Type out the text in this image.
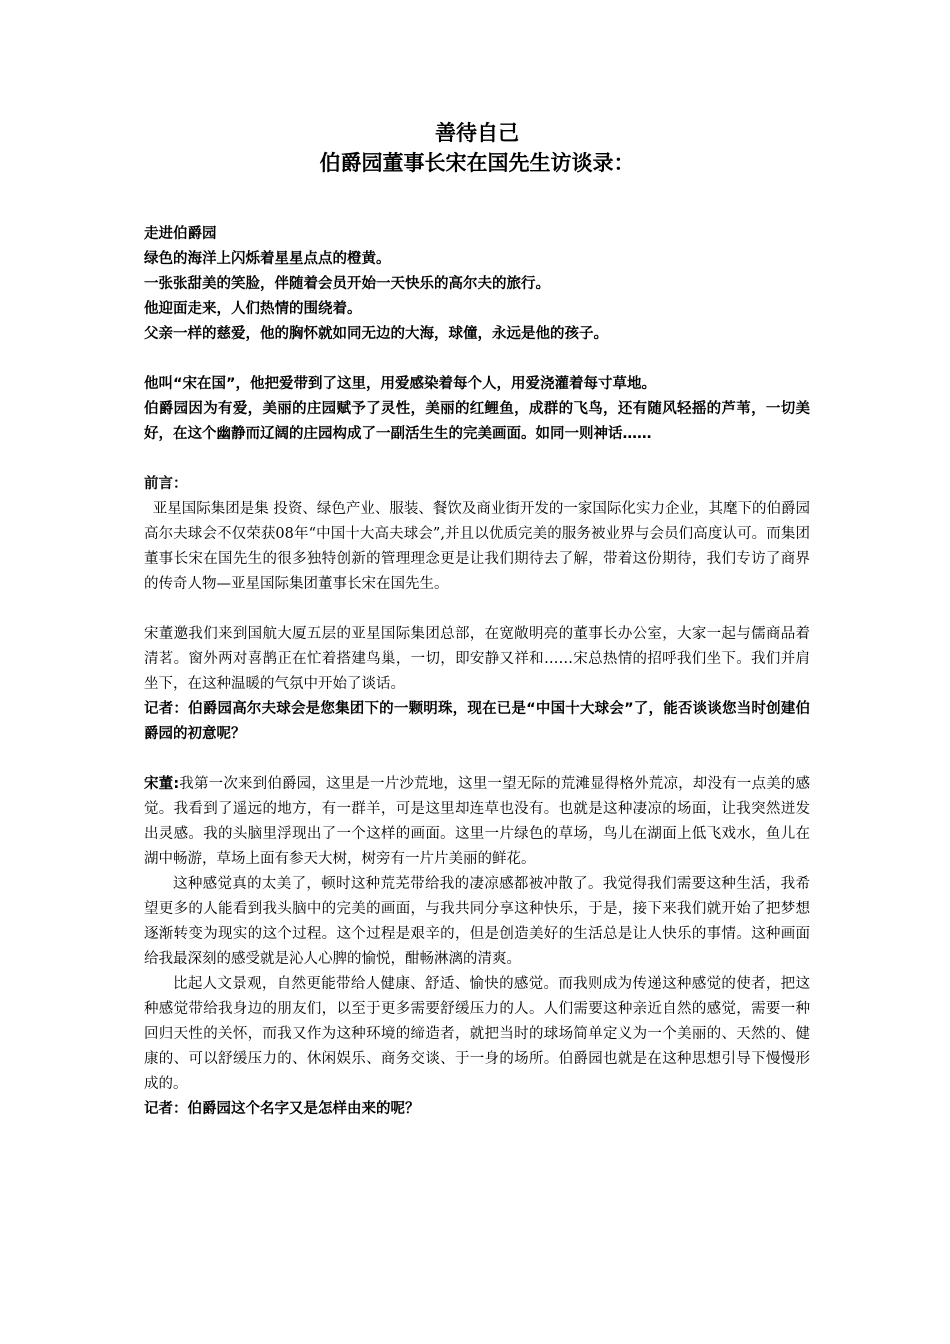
善待自己
伯爵园董事长宋在国先生访谈录：

走进伯爵园

绿色的海洋上闪烁着星星点点的橙黄。

一张张甜美的笑脸，伴随着会员开始一天快乐的高尔夫的旅行。

他迎面走来，人们热情的围绕着。

父亲一样的慈爱，他的胸怀就如同无边的大海，球僮，永远是他的孩子。

他叫“宋在国”，他把爱带到了这里，用爱感染着每个人，用爱浇灌着每寸草地。

伯爵园因为有爱，美丽的庄园赋予了灵性，美丽的红鲤鱼，成群的飞鸟，还有随风轻摇的芦苇，一切美好，在这个幽静而辽阔的庄园构成了一副活生生的完美画面。如同一则神话……

前言：

亚星国际集团是集 投资、绿色产业、服装、餐饮及商业街开发的一家国际化实力企业，其麾下的伯爵园高尔夫球会不仅荣获08年“中国十大高夫球会”,并且以优质完美的服务被业界与会员们高度认可。而集团董事长宋在国先生的很多独特创新的管理理念更是让我们期待去了解，带着这份期待，我们专访了商界的传奇人物—亚星国际集团董事长宋在国先生。

宋董邀我们来到国航大厦五层的亚星国际集团总部，在宽敞明亮的董事长办公室，大家一起与儒商品着清茗。窗外两对喜鹊正在忙着搭建鸟巢，一切，即安静又祥和……宋总热情的招呼我们坐下。我们并肩坐下，在这种温暖的气氛中开始了谈话。

记者：伯爵园高尔夫球会是您集团下的一颗明珠，现在已是“中国十大球会”了，能否谈谈您当时创建伯爵园的初意呢？

宋董:我第一次来到伯爵园，这里是一片沙荒地，这里一望无际的荒滩显得格外荒凉，却没有一点美的感觉。我看到了遥远的地方，有一群羊，可是这里却连草也没有。也就是这种凄凉的场面，让我突然迸发出灵感。我的头脑里浮现出了一个这样的画面。这里一片绿色的草场，鸟儿在湖面上低飞戏水，鱼儿在湖中畅游，草场上面有参天大树，树旁有一片片美丽的鲜花。

这种感觉真的太美了，顿时这种荒芜带给我的凄凉感都被冲散了。我觉得我们需要这种生活，我希望更多的人能看到我头脑中的完美的画面，与我共同分享这种快乐，于是，接下来我们就开始了把梦想逐渐转变为现实的这个过程。这个过程是艰辛的，但是创造美好的生活总是让人快乐的事情。这种画面给我最深刻的感受就是沁人心脾的愉悦，酣畅淋漓的清爽。

比起人文景观，自然更能带给人健康、舒适、愉快的感觉。而我则成为传递这种感觉的使者，把这种感觉带给我身边的朋友们，以至于更多需要舒缓压力的人。人们需要这种亲近自然的感觉，需要一种回归天性的关怀，而我又作为这种环境的缔造者，就把当时的球场简单定义为一个美丽的、天然的、健康的、可以舒缓压力的、休闲娱乐、商务交谈、于一身的场所。伯爵园也就是在这种思想引导下慢慢形成的。

记者：伯爵园这个名字又是怎样由来的呢？
